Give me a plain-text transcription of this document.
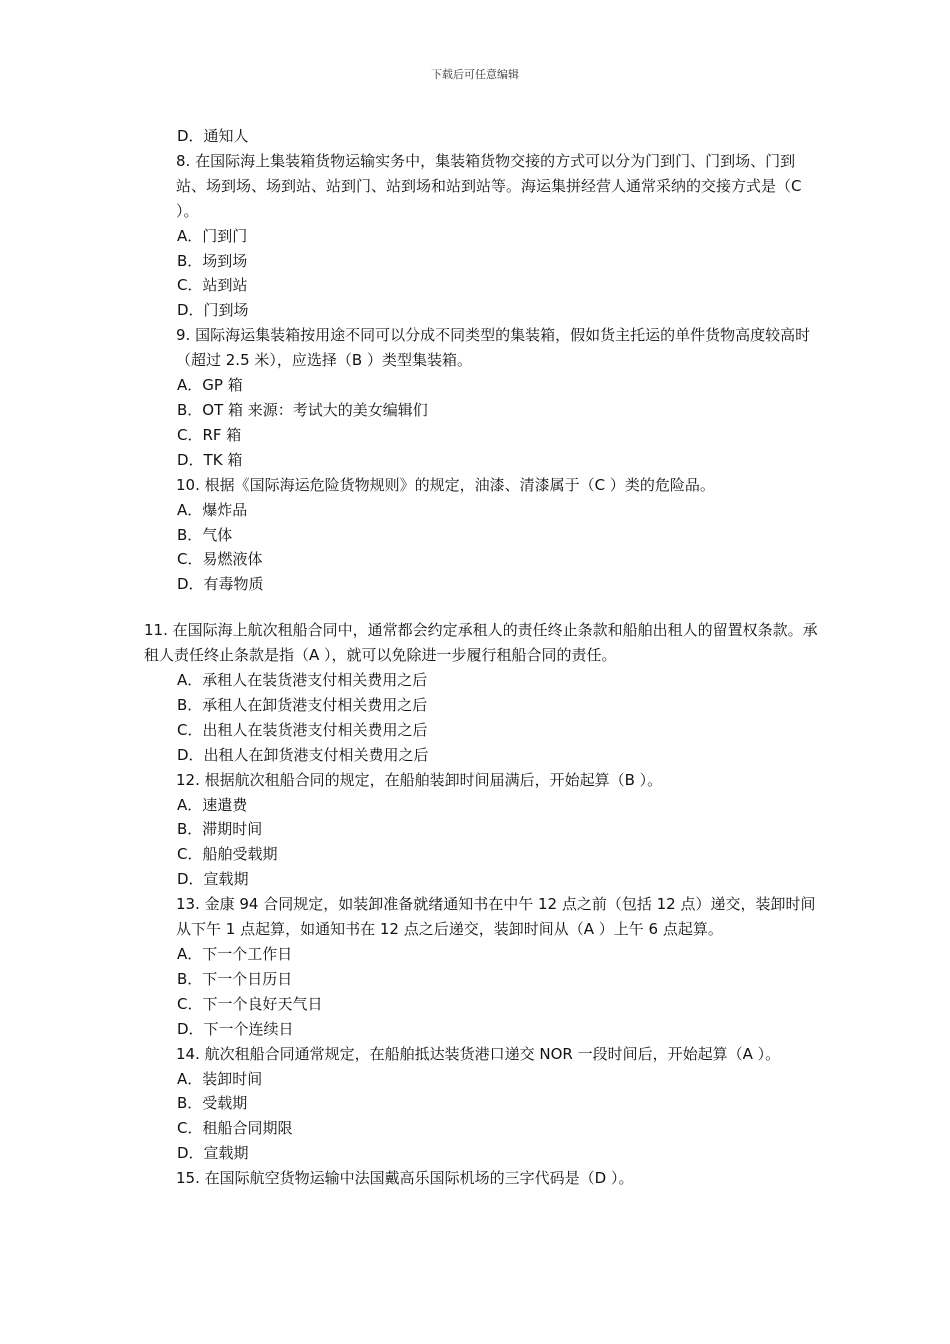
下载后可任意编辑
D．通知人
8. 在国际海上集装箱货物运输实务中，集装箱货物交接的方式可以分为门到门、门到场、门到站、场到场、场到站、站到门、站到场和站到站等。海运集拼经营人通常采纳的交接方式是（C ）。
A．门到门
B．场到场
C．站到站
D．门到场
9. 国际海运集装箱按用途不同可以分成不同类型的集装箱，假如货主托运的单件货物高度较高时（超过 2.5 米），应选择（B ）类型集装箱。
A．GP 箱
B．OT 箱 来源：考试大的美女编辑们
C．RF 箱
D．TK 箱
10. 根据《国际海运危险货物规则》的规定，油漆、清漆属于（C ）类的危险品。
A．爆炸品
B．气体
C．易燃液体
D．有毒物质
11. 在国际海上航次租船合同中，通常都会约定承租人的责任终止条款和船舶出租人的留置权条款。承租人责任终止条款是指（A ），就可以免除进一步履行租船合同的责任。
A．承租人在装货港支付相关费用之后
B．承租人在卸货港支付相关费用之后
C．出租人在装货港支付相关费用之后
D．出租人在卸货港支付相关费用之后
12. 根据航次租船合同的规定，在船舶装卸时间届满后，开始起算（B ）。
A．速遣费
B．滞期时间
C．船舶受载期
D．宣载期
13. 金康 94 合同规定，如装卸准备就绪通知书在中午 12 点之前（包括 12 点）递交，装卸时间从下午 1 点起算，如通知书在 12 点之后递交，装卸时间从（A ）上午 6 点起算。
A．下一个工作日
B．下一个日历日
C．下一个良好天气日
D．下一个连续日
14. 航次租船合同通常规定，在船舶抵达装货港口递交 NOR 一段时间后，开始起算（A ）。
A．装卸时间
B．受载期
C．租船合同期限
D．宣载期
15. 在国际航空货物运输中法国戴高乐国际机场的三字代码是（D ）。
